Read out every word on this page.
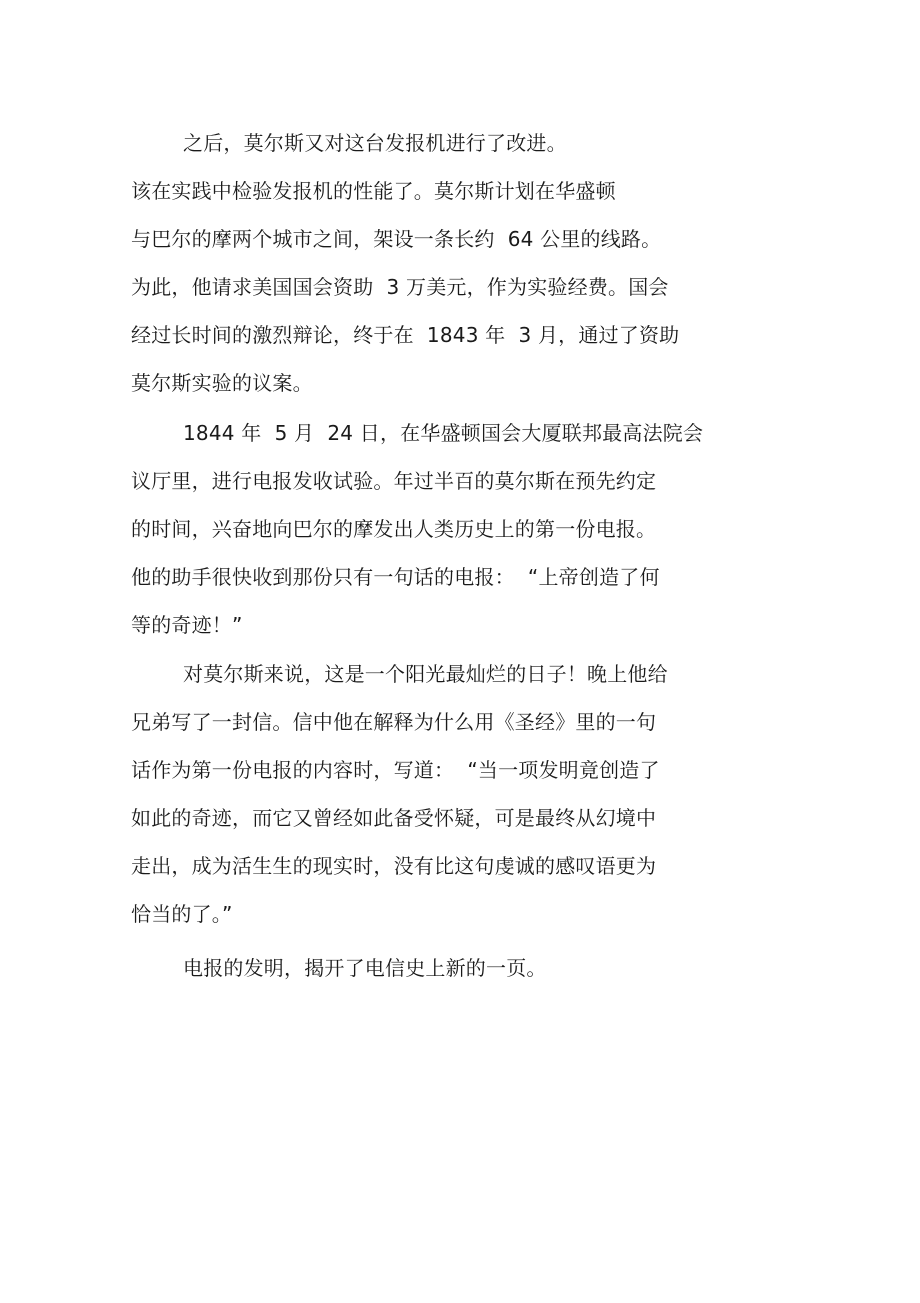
之后，莫尔斯又对这台发报机进行了改进。
该在实践中检验发报机的性能了。莫尔斯计划在华盛顿
与巴尔的摩两个城市之间，架设一条长约  64 公里的线路。
为此，他请求美国国会资助  3 万美元，作为实验经费。国会
经过长时间的激烈辩论，终于在  1843 年  3 月，通过了资助
莫尔斯实验的议案。
1844 年  5 月  24 日，在华盛顿国会大厦联邦最高法院会
议厅里，进行电报发收试验。年过半百的莫尔斯在预先约定
的时间，兴奋地向巴尔的摩发出人类历史上的第一份电报。
他的助手很快收到那份只有一句话的电报：  “上帝创造了何
等的奇迹！”
对莫尔斯来说，这是一个阳光最灿烂的日子！晚上他给
兄弟写了一封信。信中他在解释为什么用《圣经》里的一句
话作为第一份电报的内容时，写道：  “当一项发明竟创造了
如此的奇迹，而它又曾经如此备受怀疑，可是最终从幻境中
走出，成为活生生的现实时，没有比这句虔诚的感叹语更为
恰当的了。”
电报的发明，揭开了电信史上新的一页。
